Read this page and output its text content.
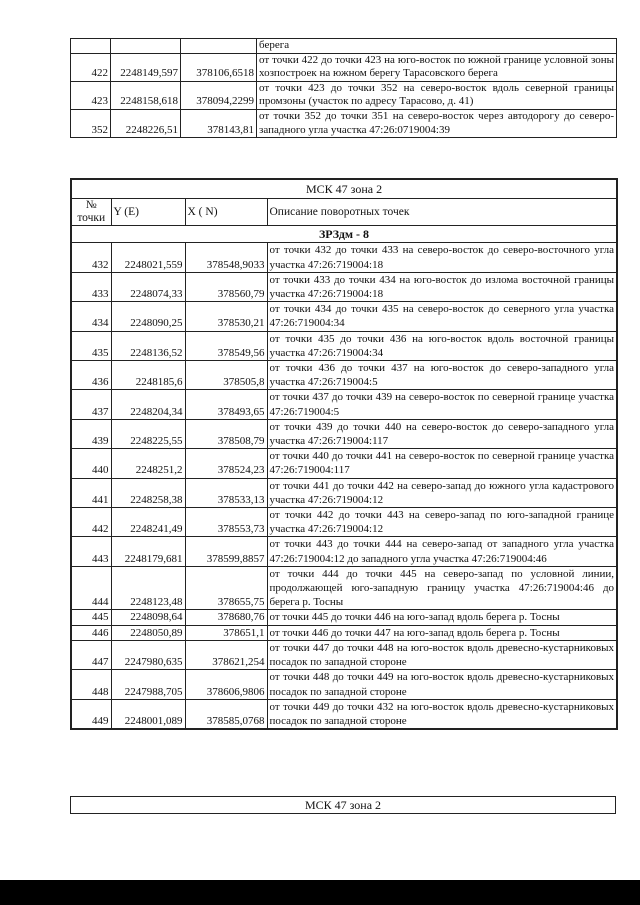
			берега
422	2248149,597	378106,6518	от точки 422 до точки 423 на юго-восток по южной границе условной зоны хозпостроек на южном берегу Тарасовского берега
423	2248158,618	378094,2299	от точки 423 до точки 352 на северо-восток вдоль северной границы промзоны (участок по адресу Тарасово, д. 41)
352	2248226,51	378143,81	от точки 352 до точки 351 на северо-восток через автодорогу до северо-западного угла участка 47:26:0719004:39
МСК 47 зона 2			
№ точки	Y (E)	X ( N)	Описание поворотных точек
ЗРЗдм - 8			
432	2248021,559	378548,9033	от точки 432 до точки 433 на северо-восток до северо-восточного угла участка 47:26:719004:18
433	2248074,33	378560,79	от точки 433 до точки 434 на юго-восток до излома восточной границы участка 47:26:719004:18
434	2248090,25	378530,21	от точки 434 до точки 435 на северо-восток до северного угла участка 47:26:719004:34
435	2248136,52	378549,56	от точки 435 до точки 436 на юго-восток вдоль восточной границы участка 47:26:719004:34
436	2248185,6	378505,8	от точки 436 до точки 437 на юго-восток до северо-западного угла участка 47:26:719004:5
437	2248204,34	378493,65	от точки 437 до точки 439 на северо-восток по северной границе участка 47:26:719004:5
439	2248225,55	378508,79	от точки 439 до точки 440 на северо-восток до северо-западного угла участка 47:26:719004:117
440	2248251,2	378524,23	от точки 440 до точки 441 на северо-восток по северной границе участка 47:26:719004:117
441	2248258,38	378533,13	от точки 441 до точки 442 на северо-запад до южного угла кадастрового участка 47:26:719004:12
442	2248241,49	378553,73	от точки 442 до точки 443 на северо-запад по юго-западной границе участка 47:26:719004:12
443	2248179,681	378599,8857	от точки 443 до точки 444 на северо-запад от западного угла участка 47:26:719004:12 до западного угла участка 47:26:719004:46
444	2248123,48	378655,75	от точки 444 до точки 445 на северо-запад по условной линии, продолжающей юго-западную границу участка 47:26:719004:46 до берега р. Тосны
445	2248098,64	378680,76	от точки 445 до точки 446 на юго-запад вдоль берега р. Тосны
446	2248050,89	378651,1	от точки 446 до точки 447 на юго-запад вдоль берега р. Тосны
447	2247980,635	378621,254	от точки 447 до точки 448 на юго-восток вдоль древесно-кустарниковых посадок по западной стороне
448	2247988,705	378606,9806	от точки 448 до точки 449 на юго-восток вдоль древесно-кустарниковых посадок по западной стороне
449	2248001,089	378585,0768	от точки 449 до точки 432 на юго-восток вдоль древесно-кустарниковых посадок по западной стороне
МСК 47 зона 2
